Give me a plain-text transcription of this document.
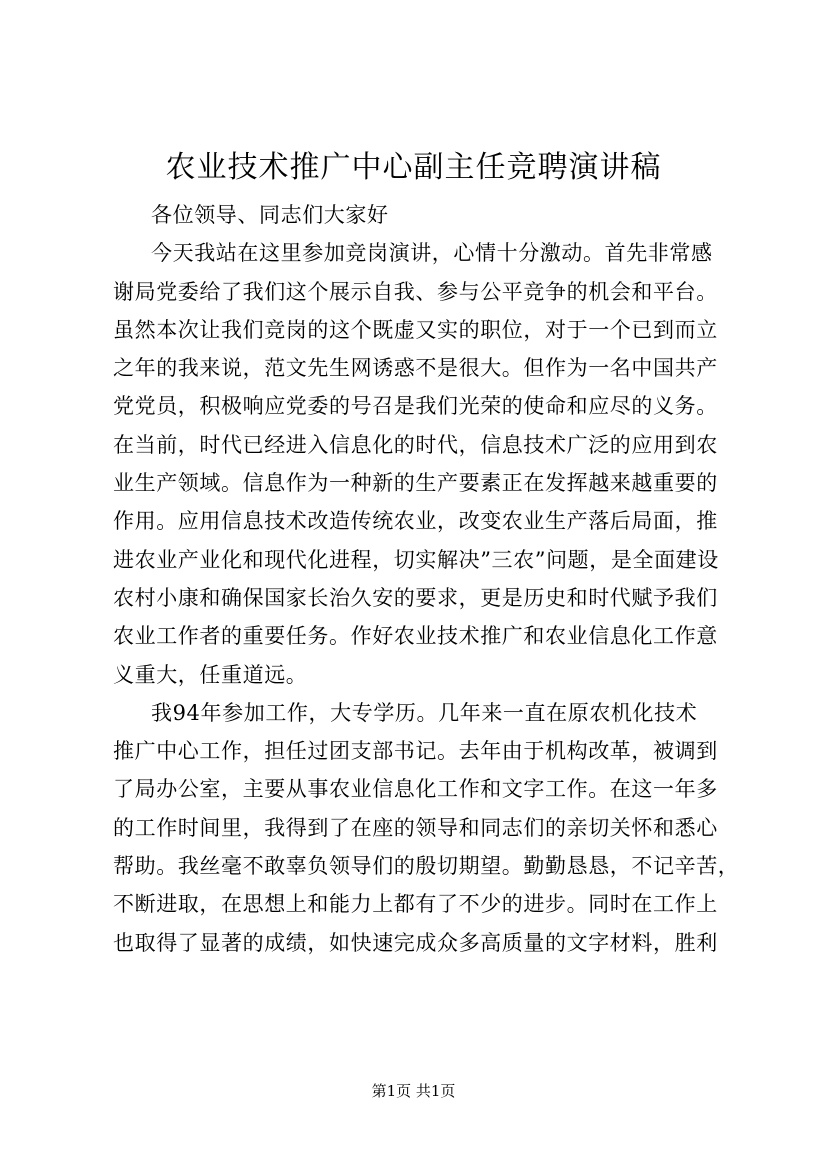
农业技术推广中心副主任竞聘演讲稿
各位领导、同志们大家好
今天我站在这里参加竞岗演讲，心情十分激动。首先非常感
谢局党委给了我们这个展示自我、参与公平竞争的机会和平台。
虽然本次让我们竞岗的这个既虚又实的职位，对于一个已到而立
之年的我来说，范文先生网诱惑不是很大。但作为一名中国共产
党党员，积极响应党委的号召是我们光荣的使命和应尽的义务。
在当前，时代已经进入信息化的时代，信息技术广泛的应用到农
业生产领域。信息作为一种新的生产要素正在发挥越来越重要的
作用。应用信息技术改造传统农业，改变农业生产落后局面，推
进农业产业化和现代化进程，切实解决”三农”问题，是全面建设
农村小康和确保国家长治久安的要求，更是历史和时代赋予我们
农业工作者的重要任务。作好农业技术推广和农业信息化工作意
义重大，任重道远。
我94年参加工作，大专学历。几年来一直在原农机化技术
推广中心工作，担任过团支部书记。去年由于机构改革，被调到
了局办公室，主要从事农业信息化工作和文字工作。在这一年多
的工作时间里，我得到了在座的领导和同志们的亲切关怀和悉心
帮助。我丝毫不敢辜负领导们的殷切期望。勤勤恳恳，不记辛苦，
不断进取，在思想上和能力上都有了不少的进步。同时在工作上
也取得了显著的成绩，如快速完成众多高质量的文字材料，胜利
第1页 共1页
